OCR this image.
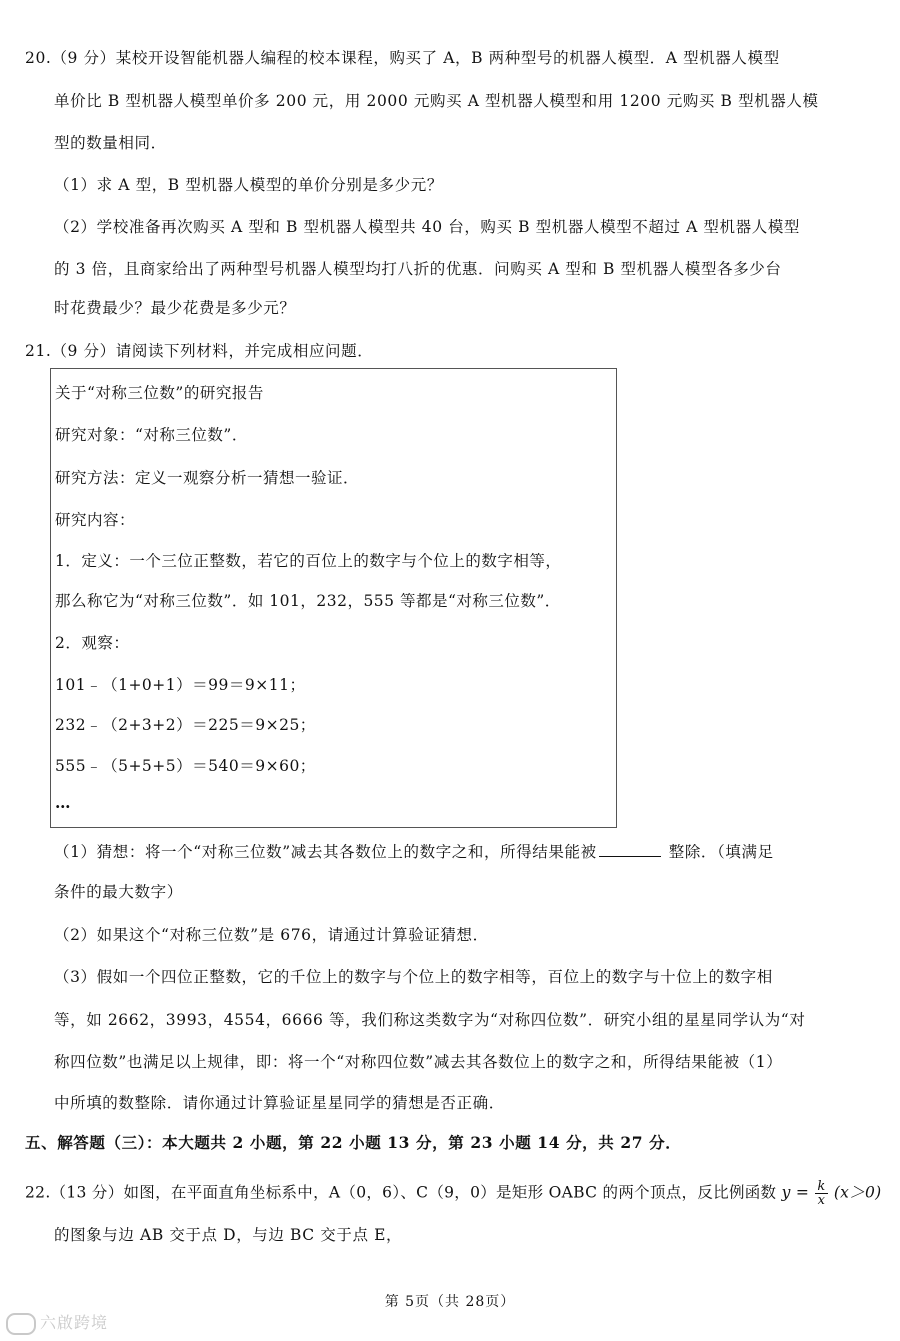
20.（9 分）某校开设智能机器人编程的校本课程，购买了 A，B 两种型号的机器人模型．A 型机器人模型
单价比 B 型机器人模型单价多 200 元，用 2000 元购买 A 型机器人模型和用 1200 元购买 B 型机器人模
型的数量相同．
（1）求 A 型，B 型机器人模型的单价分别是多少元？
（2）学校准备再次购买 A 型和 B 型机器人模型共 40 台，购买 B 型机器人模型不超过 A 型机器人模型
的 3 倍，且商家给出了两种型号机器人模型均打八折的优惠．问购买 A 型和 B 型机器人模型各多少台
时花费最少？最少花费是多少元？
21.（9 分）请阅读下列材料，并完成相应问题．
关于“对称三位数”的研究报告
研究对象：“对称三位数”．
研究方法：定义一观察分析一猜想一验证．
研究内容：
1．定义：一个三位正整数，若它的百位上的数字与个位上的数字相等，
那么称它为“对称三位数”．如 101，232，555 等都是“对称三位数”．
2．观察：
101﹣（1+0+1）＝99＝9×11；
232﹣（2+3+2）＝225＝9×25；
555﹣（5+5+5）＝540＝9×60；
…
（1）猜想：将一个“对称三位数”减去其各数位上的数字之和，所得结果能被	整除．（填满足
条件的最大数字）
（2）如果这个“对称三位数”是 676，请通过计算验证猜想．
（3）假如一个四位正整数，它的千位上的数字与个位上的数字相等，百位上的数字与十位上的数字相
等，如 2662，3993，4554，6666 等，我们称这类数字为“对称四位数”．研究小组的星星同学认为“对
称四位数”也满足以上规律，即：将一个“对称四位数”减去其各数位上的数字之和，所得结果能被（1）
中所填的数整除．请你通过计算验证星星同学的猜想是否正确．
五、解答题（三）：本大题共 2 小题，第 22 小题 13 分，第 23 小题 14 分，共 27 分．
22.（13 分）如图，在平面直角坐标系中，A（0，6）、C（9，0）是矩形 OABC 的两个顶点，反比例函数 $y = \frac{k}{x} (x>0)$
的图象与边 AB 交于点 D，与边 BC 交于点 E，
第 5页（共 28页）
六啟跨境
